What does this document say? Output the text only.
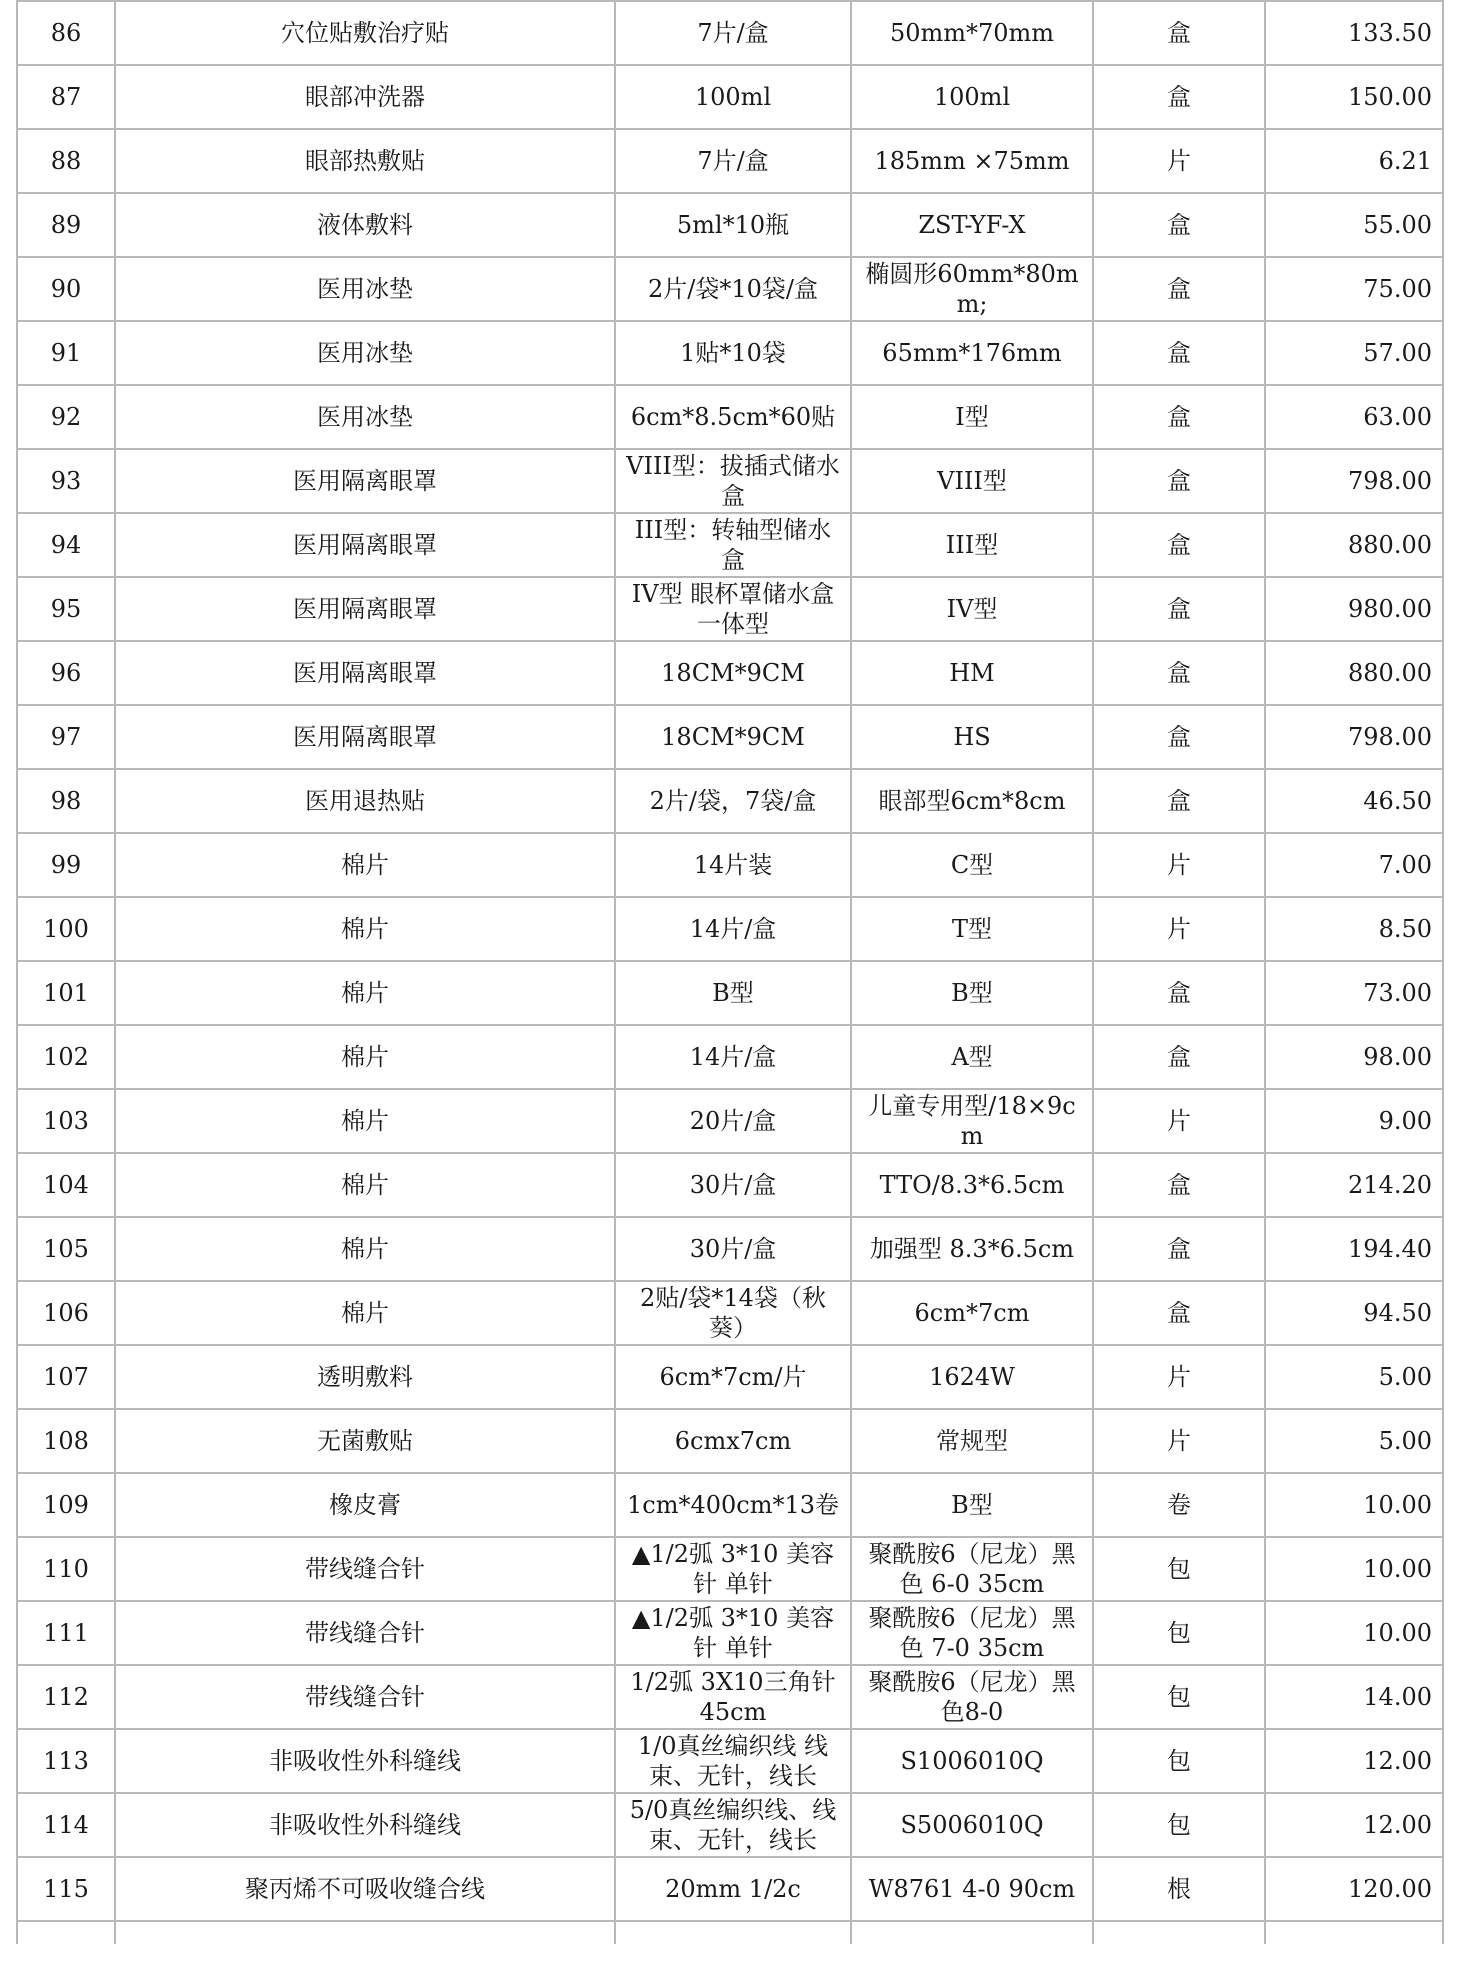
86	穴位贴敷治疗贴	7片/盒	50mm*70mm	盒	133.50
87	眼部冲洗器	100ml	100ml	盒	150.00
88	眼部热敷贴	7片/盒	185mm ×75mm	片	6.21
89	液体敷料	5ml*10瓶	ZST-YF-X	盒	55.00
90	医用冰垫	2片/袋*10袋/盒	椭圆形60mm*80mm;	盒	75.00
91	医用冰垫	1贴*10袋	65mm*176mm	盒	57.00
92	医用冰垫	6cm*8.5cm*60贴	Ⅰ型	盒	63.00
93	医用隔离眼罩	VIII型：拔插式储水盒	VIII型	盒	798.00
94	医用隔离眼罩	III型：转轴型储水盒	III型	盒	880.00
95	医用隔离眼罩	IV型 眼杯罩储水盒一体型	IV型	盒	980.00
96	医用隔离眼罩	18CM*9CM	HM	盒	880.00
97	医用隔离眼罩	18CM*9CM	HS	盒	798.00
98	医用退热贴	2片/袋，7袋/盒	眼部型6cm*8cm	盒	46.50
99	棉片	14片装	C型	片	7.00
100	棉片	14片/盒	T型	片	8.50
101	棉片	B型	B型	盒	73.00
102	棉片	14片/盒	A型	盒	98.00
103	棉片	20片/盒	儿童专用型/18×9cm	片	9.00
104	棉片	30片/盒	TTO/8.3*6.5cm	盒	214.20
105	棉片	30片/盒	加强型 8.3*6.5cm	盒	194.40
106	棉片	2贴/袋*14袋（秋葵）	6cm*7cm	盒	94.50
107	透明敷料	6cm*7cm/片	1624W	片	5.00
108	无菌敷贴	6cmx7cm	常规型	片	5.00
109	橡皮膏	1cm*400cm*13卷	B型	卷	10.00
110	带线缝合针	▲1/2弧 3*10 美容针 单针	聚酰胺6（尼龙）黑色 6-0 35cm	包	10.00
111	带线缝合针	▲1/2弧 3*10 美容针 单针	聚酰胺6（尼龙）黑色 7-0 35cm	包	10.00
112	带线缝合针	1/2弧 3X10三角针45cm	聚酰胺6（尼龙）黑色8-0	包	14.00
113	非吸收性外科缝线	1/0真丝编织线 线束、无针，线长	S1006010Q	包	12.00
114	非吸收性外科缝线	5/0真丝编织线、线束、无针，线长	S5006010Q	包	12.00
115	聚丙烯不可吸收缝合线	20mm 1/2c	W8761 4-0 90cm	根	120.00
